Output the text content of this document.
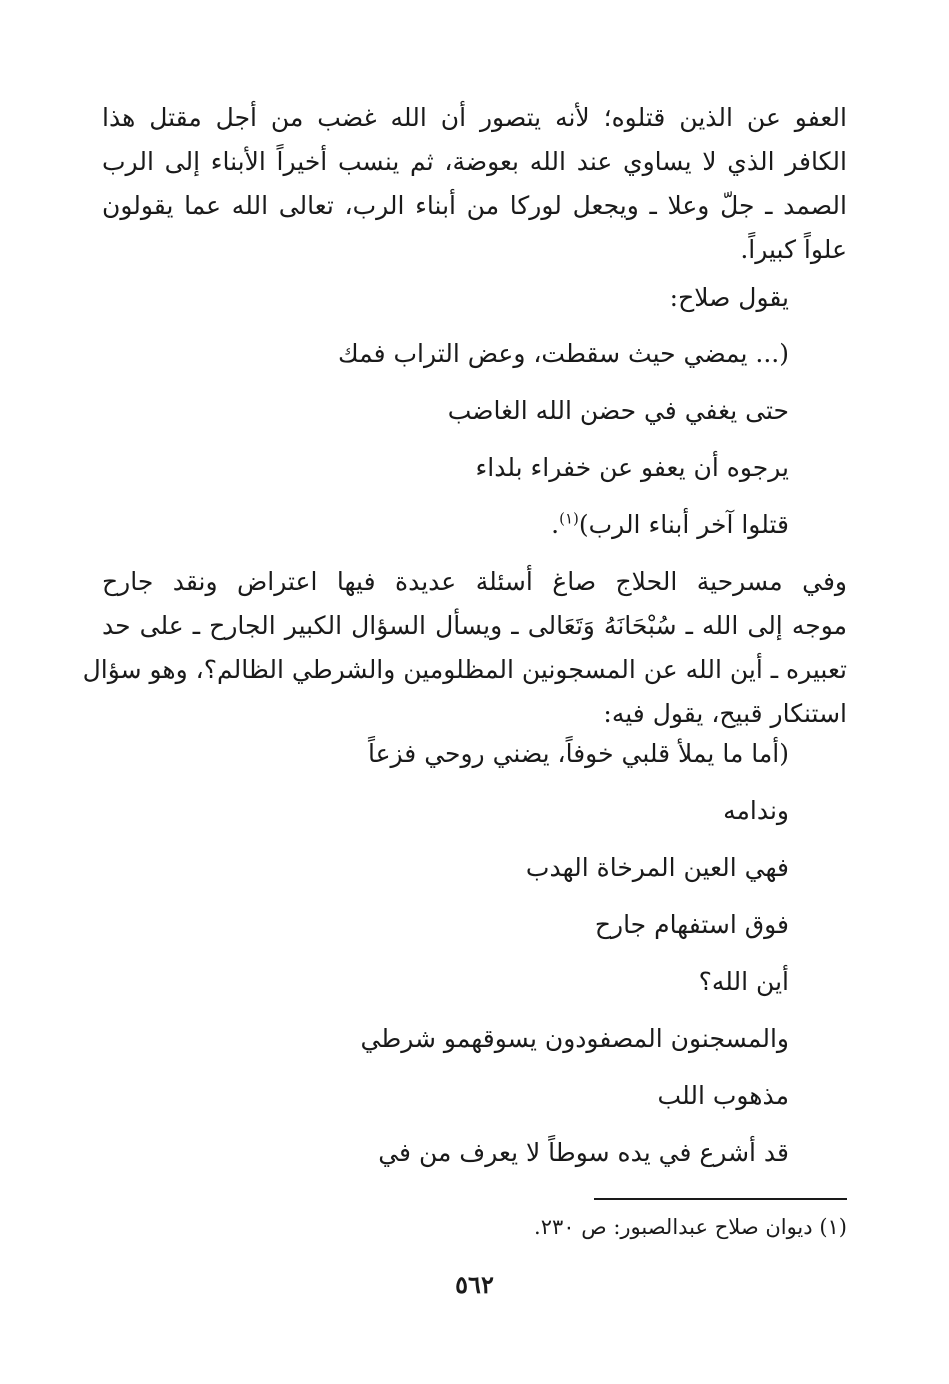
العفو عن الذين قتلوه؛ لأنه يتصور أن الله غضب من أجل مقتل هذا
الكافر الذي لا يساوي عند الله بعوضة، ثم ينسب أخيراً الأبناء إلى الرب
الصمد ـ جلّ وعلا ـ ويجعل لوركا من أبناء الرب، تعالى الله عما يقولون
علواً كبيراً.
يقول صلاح:
(... يمضي حيث سقطت، وعض التراب فمك
حتى يغفي في حضن الله الغاضب
يرجوه أن يعفو عن خفراء بلداء
قتلوا آخر أبناء الرب)$^{(١)}$.
وفي مسرحية الحلاج صاغ أسئلة عديدة فيها اعتراض ونقد جارح
موجه إلى الله ـ سُبْحَانَهُ وَتَعَالى ـ ويسأل السؤال الكبير الجارح ـ على حد
تعبيره ـ أين الله عن المسجونين المظلومين والشرطي الظالم؟، وهو سؤال
استنكار قبيح، يقول فيه:
(أما ما يملأ قلبي خوفاً، يضني روحي فزعاً
وندامه
فهي العين المرخاة الهدب
فوق استفهام جارح
أين الله؟
والمسجنون المصفودون يسوقهمو شرطي
مذهوب اللب
قد أشرع في يده سوطاً لا يعرف من في
(١) ديوان صلاح عبدالصبور: ص ٢٣٠.
٥٦٢
